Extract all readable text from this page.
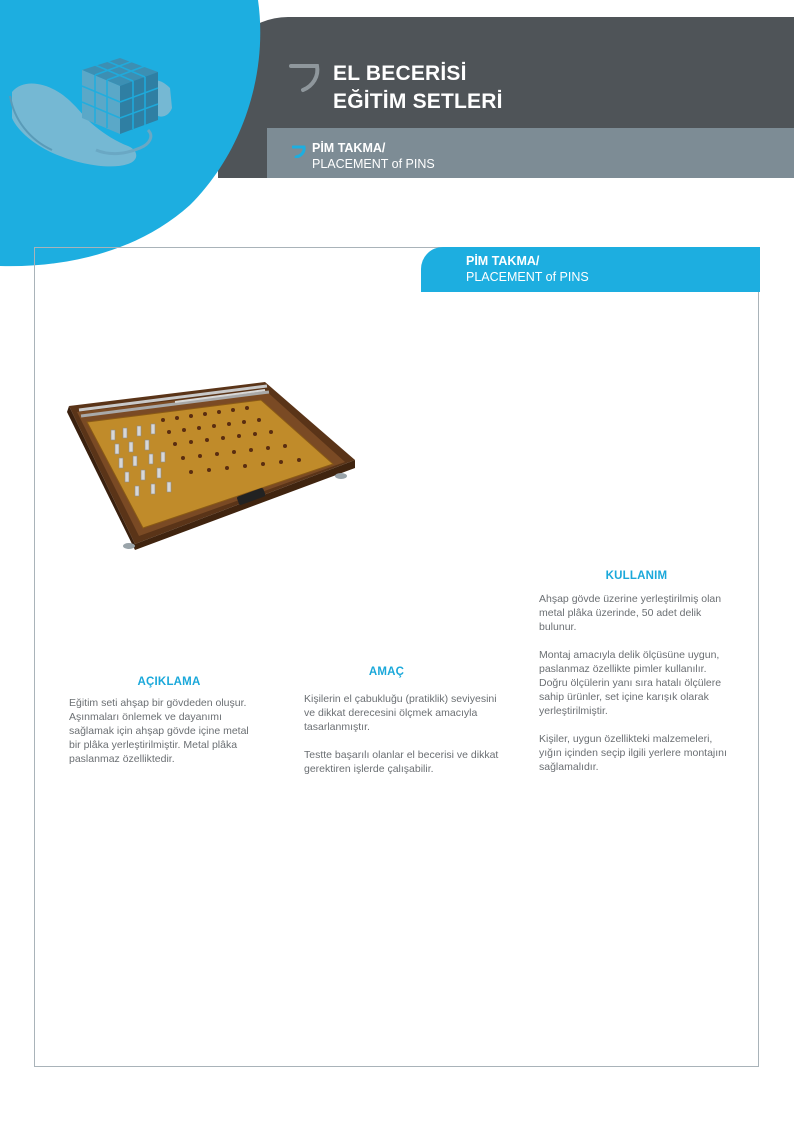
EL BECERİSİ
EĞİTİM SETLERİ
PİM TAKMA/
PLACEMENT of PINS
PİM TAKMA/
PLACEMENT of PINS
KULLANIM

Ahşap gövde üzerine yerleştirilmiş olan metal plâka üzerinde, 50 adet delik bulunur.

Montaj amacıyla delik ölçüsüne uygun, paslanmaz özellikte pimler kullanılır. Doğru ölçülerin yanı sıra hatalı ölçülere sahip ürünler, set içine karışık olarak yerleştirilmiştir.

Kişiler, uygun özellikteki malzemeleri, yığın içinden seçip ilgili yerlere montajını sağlamalıdır.

AÇIKLAMA

Eğitim seti ahşap bir gövdeden oluşur. Aşınmaları önlemek ve dayanımı sağlamak için ahşap gövde içine metal bir plâka yerleştirilmiştir. Metal plâka paslanmaz özelliktedir.

AMAÇ

Kişilerin el çabukluğu (pratiklik) seviyesini ve dikkat derecesini ölçmek amacıyla tasarlanmıştır.

Testte başarılı olanlar el becerisi ve dikkat gerektiren işlerde çalışabilir.
